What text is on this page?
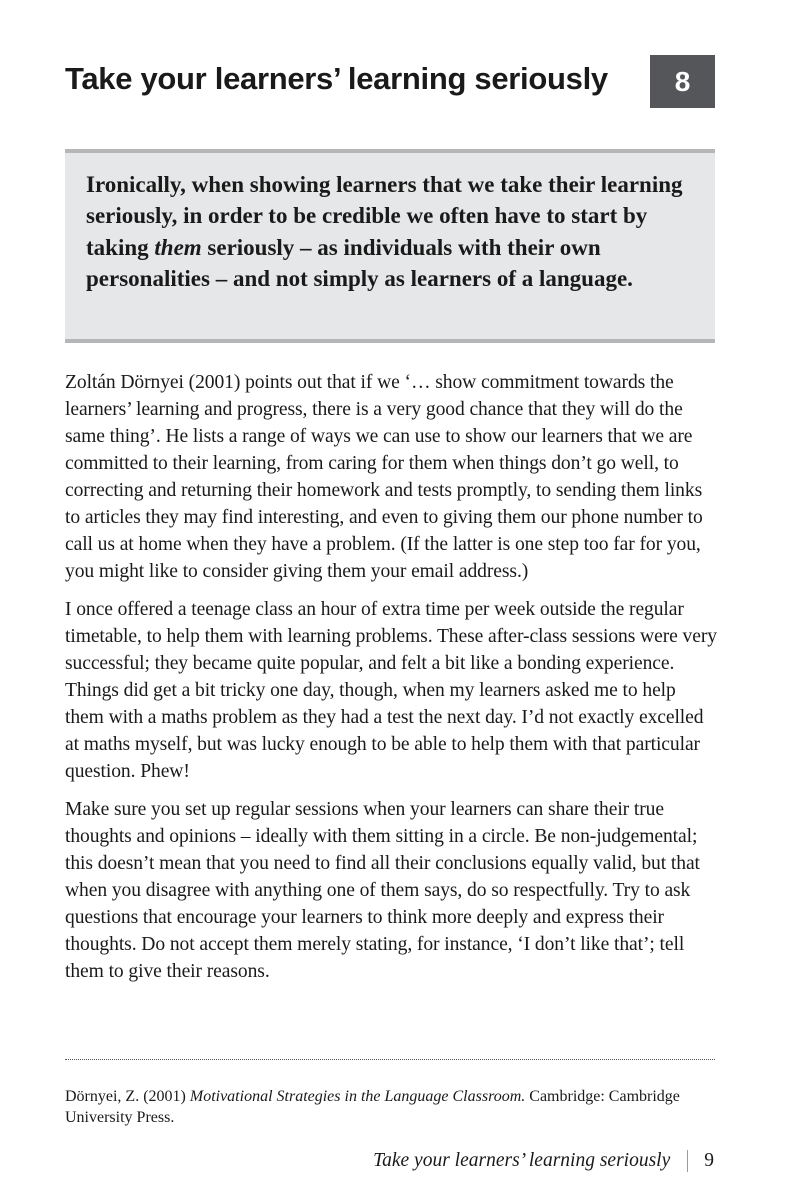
Take your learners’ learning seriously	8

Ironically, when showing learners that we take their learning seriously, in order to be credible we often have to start by taking them seriously – as individuals with their own personalities – and not simply as learners of a language.

Zoltán Dörnyei (2001) points out that if we ‘… show commitment towards the learners’ learning and progress, there is a very good chance that they will do the same thing’. He lists a range of ways we can use to show our learners that we are committed to their learning, from caring for them when things don’t go well, to correcting and returning their homework and tests promptly, to sending them links to articles they may find interesting, and even to giving them our phone number to call us at home when they have a problem. (If the latter is one step too far for you, you might like to consider giving them your email address.)

I once offered a teenage class an hour of extra time per week outside the regular timetable, to help them with learning problems. These after-class sessions were very successful; they became quite popular, and felt a bit like a bonding experience. Things did get a bit tricky one day, though, when my learners asked me to help them with a maths problem as they had a test the next day. I’d not exactly excelled at maths myself, but was lucky enough to be able to help them with that particular question. Phew!

Make sure you set up regular sessions when your learners can share their true thoughts and opinions – ideally with them sitting in a circle. Be non-judgemental; this doesn’t mean that you need to find all their conclusions equally valid, but that when you disagree with anything one of them says, do so respectfully. Try to ask questions that encourage your learners to think more deeply and express their thoughts. Do not accept them merely stating, for instance, ‘I don’t like that’; tell them to give their reasons.

Dörnyei, Z. (2001) Motivational Strategies in the Language Classroom. Cambridge: Cambridge University Press.

Take your learners’ learning seriously 9
